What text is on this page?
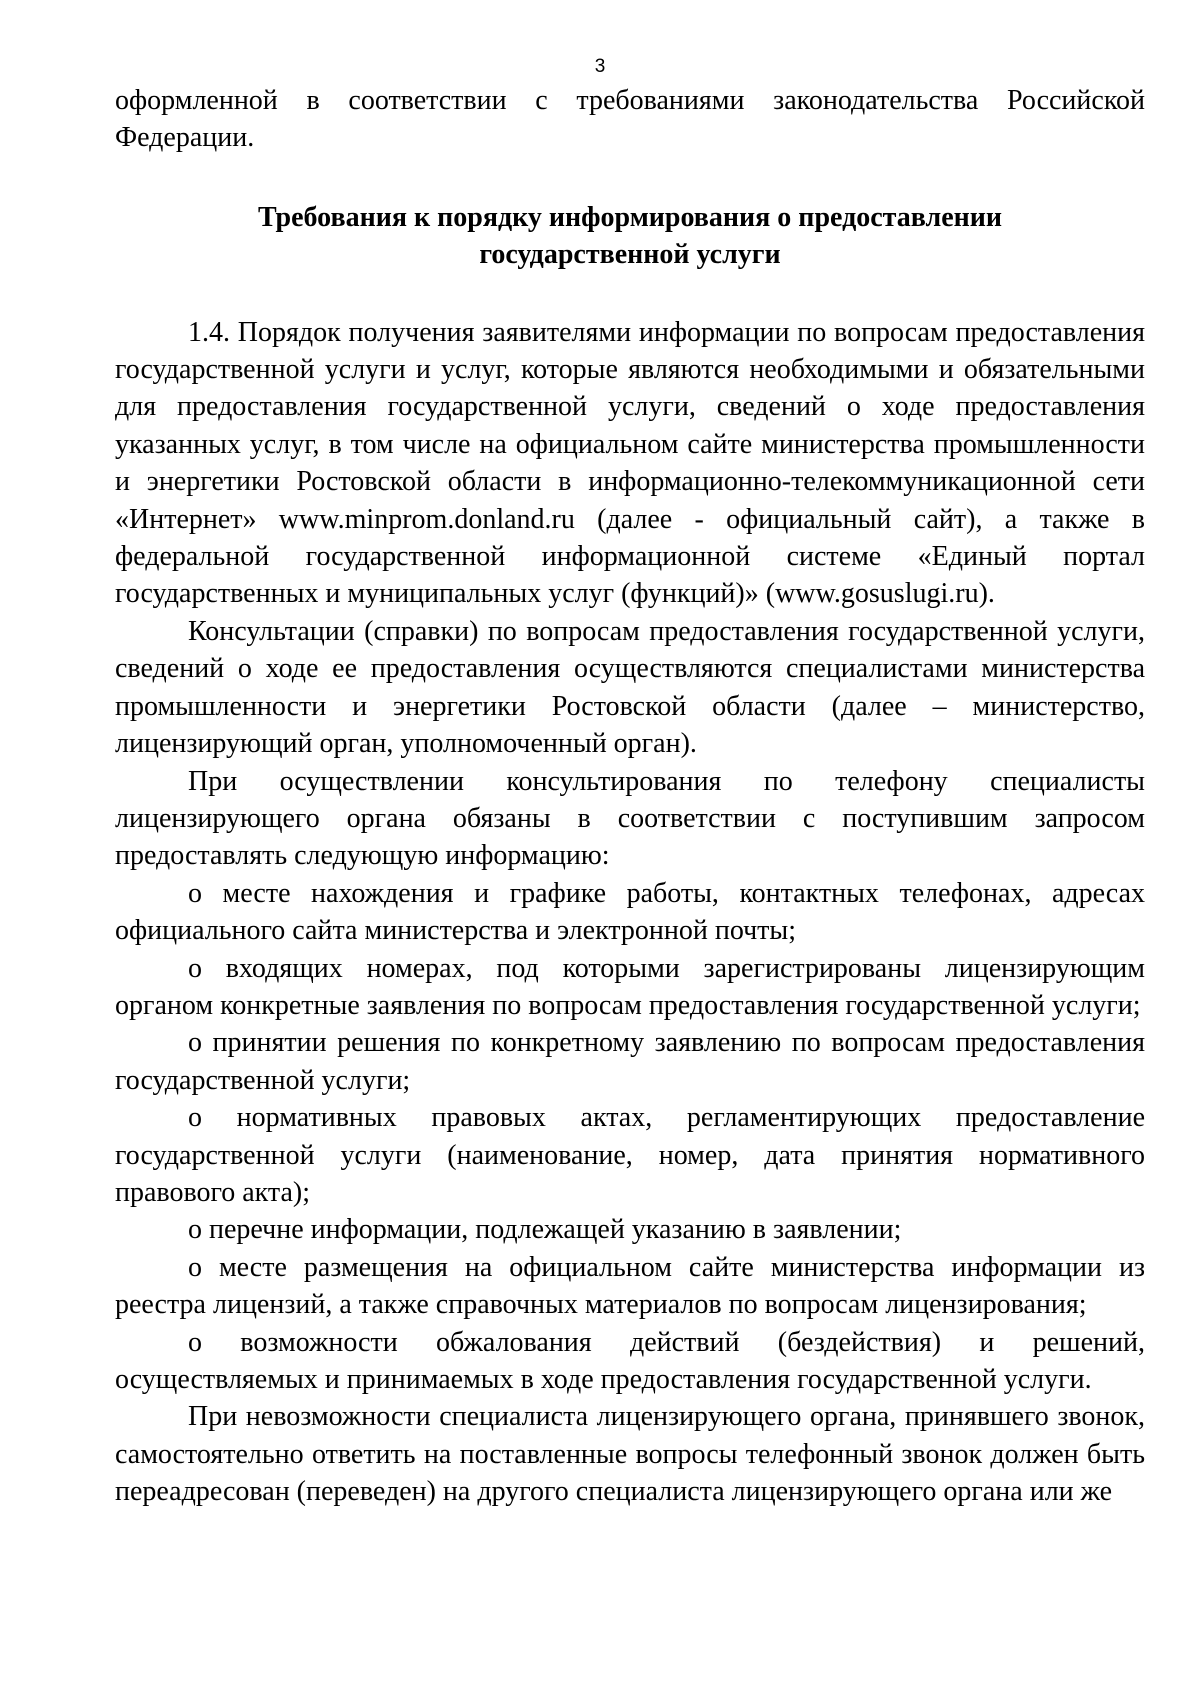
3

оформленной в соответствии с требованиями законодательства Российской Федерации.

Требования к порядку информирования о предоставлении
государственной услуги

1.4. Порядок получения заявителями информации по вопросам предоставления государственной услуги и услуг, которые являются необходимыми и обязательными для предоставления государственной услуги, сведений о ходе предоставления указанных услуг, в том числе на официальном сайте министерства промышленности и энергетики Ростовской области в информационно-телекоммуникационной сети «Интернет» www.minprom.donland.ru (далее - официальный сайт), а также в федеральной государственной информационной системе «Единый портал государственных и муниципальных услуг (функций)» (www.gosuslugi.ru).

Консультации (справки) по вопросам предоставления государственной услуги, сведений о ходе ее предоставления осуществляются специалистами министерства промышленности и энергетики Ростовской области (далее – министерство, лицензирующий орган, уполномоченный орган).

При осуществлении консультирования по телефону специалисты лицензирующего органа обязаны в соответствии с поступившим запросом предоставлять следующую информацию:

о месте нахождения и графике работы, контактных телефонах, адресах официального сайта министерства и электронной почты;

о входящих номерах, под которыми зарегистрированы лицензирующим органом конкретные заявления по вопросам предоставления государственной услуги;

о принятии решения по конкретному заявлению по вопросам предоставления государственной услуги;

о нормативных правовых актах, регламентирующих предоставление государственной услуги (наименование, номер, дата принятия нормативного правового акта);

о перечне информации, подлежащей указанию в заявлении;

о месте размещения на официальном сайте министерства информации из реестра лицензий, а также справочных материалов по вопросам лицензирования;

о возможности обжалования действий (бездействия) и решений, осуществляемых и принимаемых в ходе предоставления государственной услуги.

При невозможности специалиста лицензирующего органа, принявшего звонок, самостоятельно ответить на поставленные вопросы телефонный звонок должен быть переадресован (переведен) на другого специалиста лицензирующего органа или же
